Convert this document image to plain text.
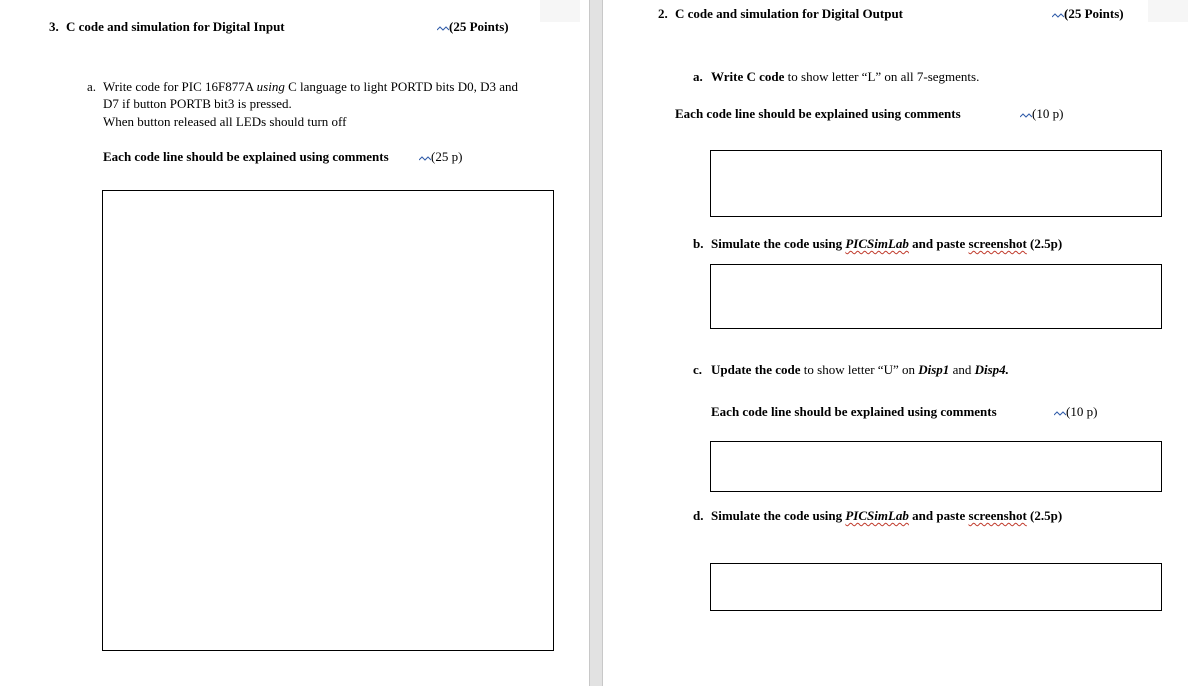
3. C code and simulation for Digital Input	(25 Points)
a. Write code for PIC 16F877A using C language to light PORTD bits D0, D3 and
D7 if button PORTB bit3 is pressed.
When button released all LEDs should turn off
Each code line should be explained using comments	(25 p)
2. C code and simulation for Digital Output	(25 Points)
a. Write C code to show letter “L” on all 7-segments.
Each code line should be explained using comments	(10 p)
b. Simulate the code using PICSimLab and paste screenshot (2.5p)
c. Update the code to show letter “U” on Disp1 and Disp4.
Each code line should be explained using comments	(10 p)
d. Simulate the code using PICSimLab and paste screenshot (2.5p)
